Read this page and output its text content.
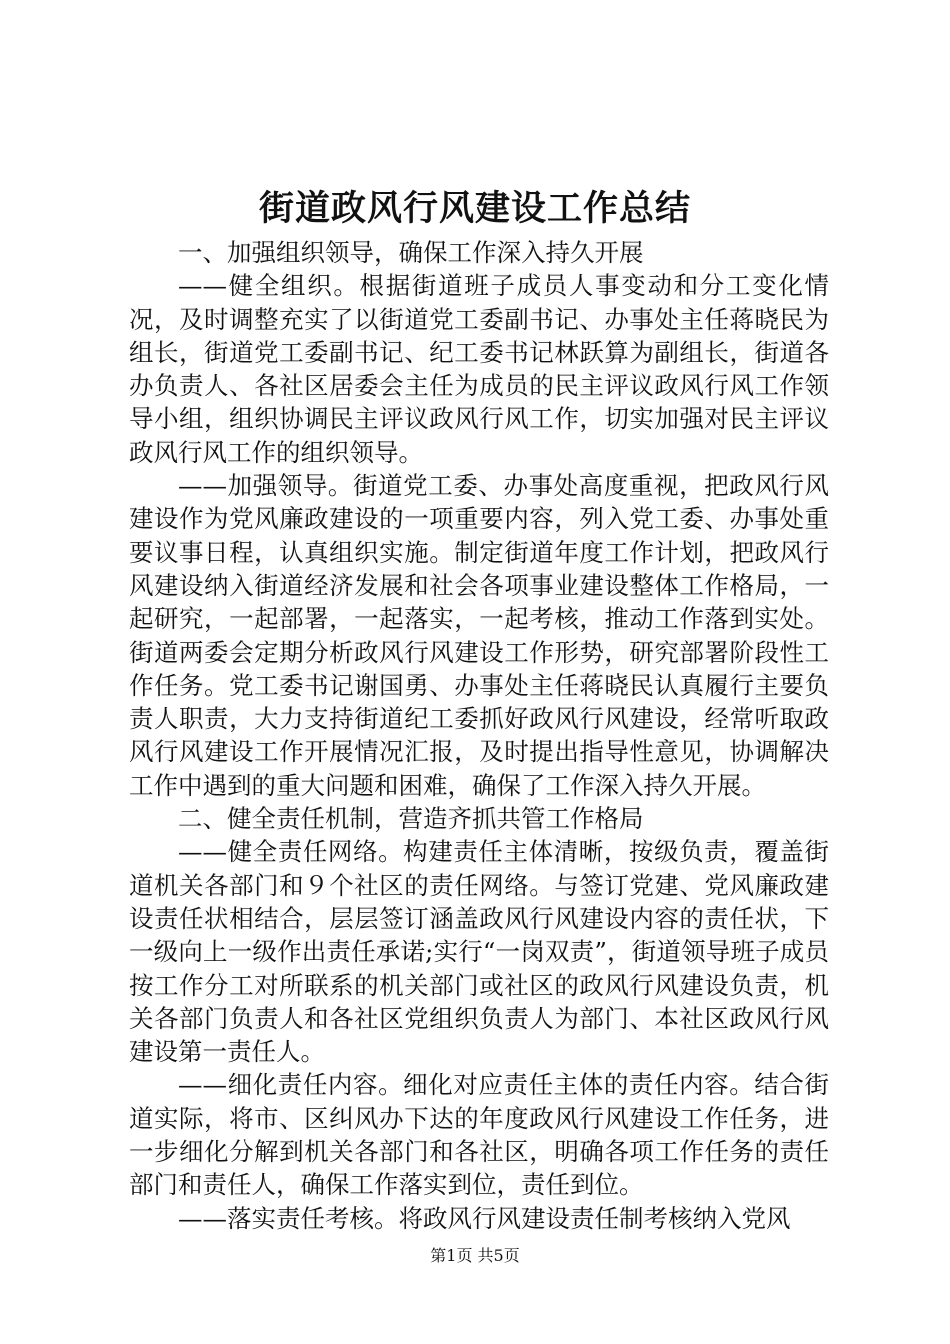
街道政风行风建设工作总结

一、加强组织领导，确保工作深入持久开展

——健全组织。根据街道班子成员人事变动和分工变化情况，及时调整充实了以街道党工委副书记、办事处主任蒋晓民为组长，街道党工委副书记、纪工委书记林跃算为副组长，街道各办负责人、各社区居委会主任为成员的民主评议政风行风工作领导小组，组织协调民主评议政风行风工作，切实加强对民主评议政风行风工作的组织领导。

——加强领导。街道党工委、办事处高度重视，把政风行风建设作为党风廉政建设的一项重要内容，列入党工委、办事处重要议事日程，认真组织实施。制定街道年度工作计划，把政风行风建设纳入街道经济发展和社会各项事业建设整体工作格局，一起研究，一起部署，一起落实，一起考核，推动工作落到实处。街道两委会定期分析政风行风建设工作形势，研究部署阶段性工作任务。党工委书记谢国勇、办事处主任蒋晓民认真履行主要负责人职责，大力支持街道纪工委抓好政风行风建设，经常听取政风行风建设工作开展情况汇报，及时提出指导性意见，协调解决工作中遇到的重大问题和困难，确保了工作深入持久开展。

二、健全责任机制，营造齐抓共管工作格局

——健全责任网络。构建责任主体清晰，按级负责，覆盖街道机关各部门和９个社区的责任网络。与签订党建、党风廉政建设责任状相结合，层层签订涵盖政风行风建设内容的责任状，下一级向上一级作出责任承诺;实行“一岗双责”，街道领导班子成员按工作分工对所联系的机关部门或社区的政风行风建设负责，机关各部门负责人和各社区党组织负责人为部门、本社区政风行风建设第一责任人。

——细化责任内容。细化对应责任主体的责任内容。结合街道实际，将市、区纠风办下达的年度政风行风建设工作任务，进一步细化分解到机关各部门和各社区，明确各项工作任务的责任部门和责任人，确保工作落实到位，责任到位。

——落实责任考核。将政风行风建设责任制考核纳入党风

第1页 共5页
